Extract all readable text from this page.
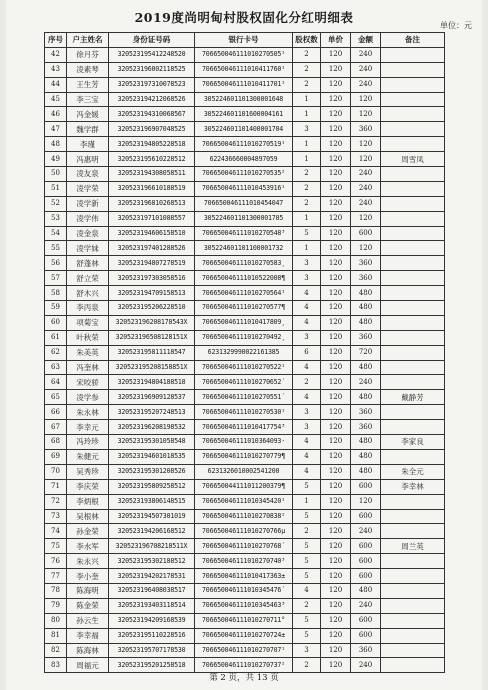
2019度尚明甸村股权固化分红明细表
单位：元
序号	户主姓名	身份证号码	银行卡号	股权数	单价	金额	备注
42	徐月芬	320523195412248520	706650046111010270505¹	2	120	240	
43	凌素琴	320523196002118525	706650046111010411760¹	2	120	240	
44	王生芳	320523197310078523	706650046111010411701¹	2	120	240	
45	李三宝	320523194212068526	305224601101300001648	1	120	120	
46	冯金媛	320523194310068567	305224601101600004161	1	120	120	
47	魏学群	320523196907048525	305224601101400001704	3	120	360	
48	李瑾	320523194805228518	706650046111010270519¹	1	120	120	
49	冯惠明	320523195610228512	622436660004897059	1	120	120	周雪凤
50	凌友泉	320523194308058511	706650046111010270535²	2	120	240	
51	凌学荣	320523196610188519	706650046111010453916¹	2	120	240	
52	凌学新	320523196810268513	706650046111010454047	2	120	240	
53	凌学伟	320523197101088557	305224601101300001705	1	120	120	
54	凌金泉	320523194606158510	706650046111010270548³	5	120	600	
55	凌学妹	320523197401288526	305224601101100001732	1	120	120	
56	舒蓬林	320523194807278519	706650046111010270583¸	3	120	360	
57	舒立荣	320523197303058516	706650046111010522008¶	3	120	360	
58	舒木兴	320523194709158513	706650046111010270564¹	4	120	480	
59	李丙泉	320523195206228510	706650046111010270577¶	4	120	480	
60	项菊宝	320523196208178543X	706650046111010417809¸	4	120	480	
61	叶秋荣	320523196508128151X	706650046111010270492¸	3	120	360	
62	朱美英	320523195811118547	6231329990022161385	6	120	720	
63	冯奎林	320523195208158851X	706650046111010270522¹	4	120	480	
64	宋咬骄	320523194804188518	706650046111010270652´	2	120	240	
65	凌学参	320523196909128537	706650046111010270551´	4	120	480	戴静芳
66	朱永林	320523195207248513	706650046111010270530¹	3	120	360	
67	李幸元	320523196208198532	706650046111010417754³	3	120	360	
68	冯玲珍	320523195301058548	706650046111010364093·	4	120	480	李家良
69	朱健元	320523194601018535	706650046111010270779¶	4	120	480	
70	吴秀珍	320523195301208526	6231326010002541200	4	120	480	朱全元
71	李庆荣	320523195809258512	706650044111011200379¶	5	120	600	李幸林
72	李炳根	320523193806148515	706650046111010345420¹	1	120	120	
73	吴根林	320523194507301019	706650046111010270838²	5	120	600	
74	孙金荣	320523194206168512	706650046111010270766µ	2	120	240	
75	李水军	320523196708218511X	706650046111010270768´	5	120	600	周兰英
76	朱永兴	320523195302188512	706650046111010270740³	5	120	600	
77	李小奎	320523194202178531	706650046111010417363±	5	120	600	
78	陈海明	320523196408038517	706650046111010345476´	4	120	480	
79	陈金荣	320523193403118514	706650046111010345463³	2	120	240	
80	孙云生	320523194209168539	706650046111010270711°	5	120	600	
81	李幸福	320523195110228516	706650046111010270724±	5	120	600	
82	陈海林	320523195707178530	706650046111010270707¹	3	120	360	
83	周福元	320523195201258518	706650046111010270737²	2	120	240	
第 2 页，共 13 页
